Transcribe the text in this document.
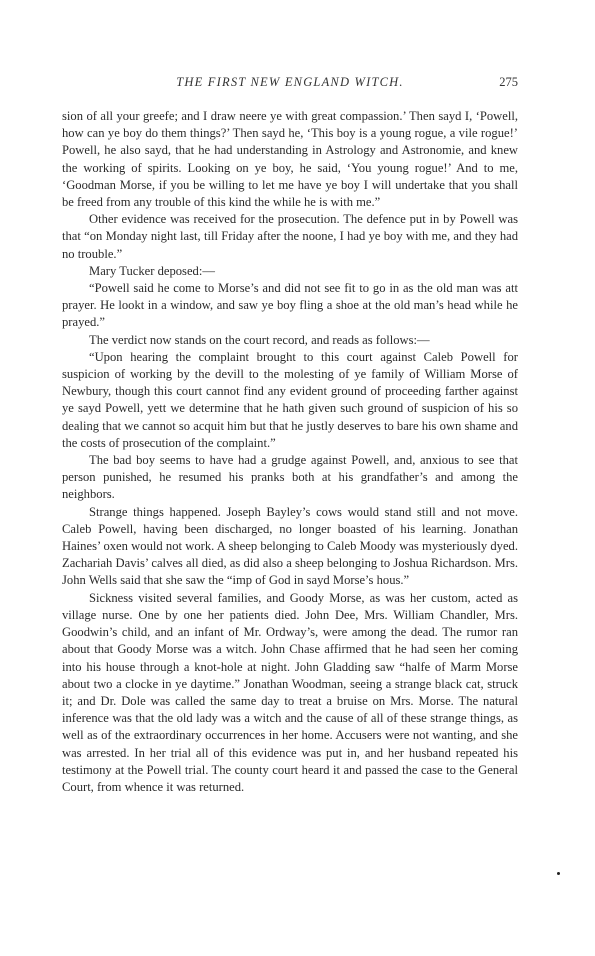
THE FIRST NEW ENGLAND WITCH.	275

sion of all your greefe; and I draw neere ye with great compassion.’ Then sayd I, ‘Powell, how can ye boy do them things?’ Then sayd he, ‘This boy is a young rogue, a vile rogue!’ Powell, he also sayd, that he had understanding in Astrology and Astronomie, and knew the working of spirits. Looking on ye boy, he said, ‘You young rogue!’ And to me, ‘Goodman Morse, if you be willing to let me have ye boy I will undertake that you shall be freed from any trouble of this kind the while he is with me.”

Other evidence was received for the prosecution. The defence put in by Powell was that “on Monday night last, till Friday after the noone, I had ye boy with me, and they had no trouble.”

Mary Tucker deposed:—

“Powell said he come to Morse’s and did not see fit to go in as the old man was att prayer. He lookt in a window, and saw ye boy fling a shoe at the old man’s head while he prayed.”

The verdict now stands on the court record, and reads as follows:—

“Upon hearing the complaint brought to this court against Caleb Powell for suspicion of working by the devill to the molesting of ye family of William Morse of Newbury, though this court cannot find any evident ground of proceeding farther against ye sayd Powell, yett we determine that he hath given such ground of suspicion of his so dealing that we cannot so acquit him but that he justly deserves to bare his own shame and the costs of prosecution of the complaint.”

The bad boy seems to have had a grudge against Powell, and, anxious to see that person punished, he resumed his pranks both at his grandfather’s and among the neighbors.

Strange things happened. Joseph Bayley’s cows would stand still and not move. Caleb Powell, having been discharged, no longer boasted of his learning. Jonathan Haines’ oxen would not work. A sheep belonging to Caleb Moody was mysteriously dyed. Zachariah Davis’ calves all died, as did also a sheep belonging to Joshua Richardson. Mrs. John Wells said that she saw the “imp of God in sayd Morse’s hous.”

Sickness visited several families, and Goody Morse, as was her custom, acted as village nurse. One by one her patients died. John Dee, Mrs. William Chandler, Mrs. Goodwin’s child, and an infant of Mr. Ordway’s, were among the dead. The rumor ran about that Goody Morse was a witch. John Chase affirmed that he had seen her coming into his house through a knot-hole at night. John Gladding saw “halfe of Marm Morse about two a clocke in ye daytime.” Jonathan Woodman, seeing a strange black cat, struck it; and Dr. Dole was called the same day to treat a bruise on Mrs. Morse. The natural inference was that the old lady was a witch and the cause of all of these strange things, as well as of the extraordinary occurrences in her home. Accusers were not wanting, and she was arrested. In her trial all of this evidence was put in, and her husband repeated his testimony at the Powell trial. The county court heard it and passed the case to the General Court, from whence it was returned.
